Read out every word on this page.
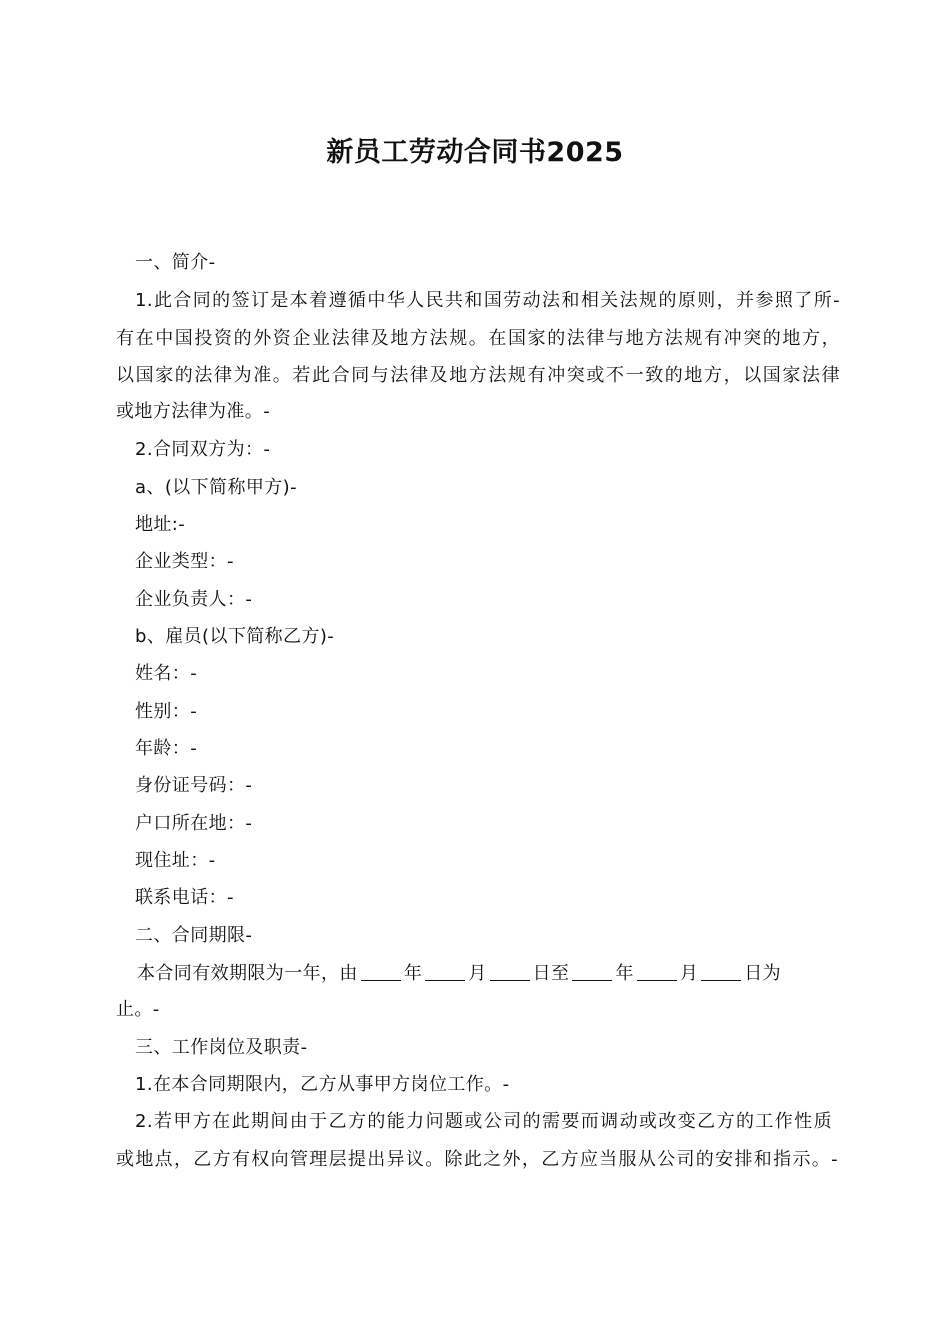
新员工劳动合同书2025
一、简介-
1.此合同的签订是本着遵循中华人民共和国劳动法和相关法规的原则，并参照了所-
有在中国投资的外资企业法律及地方法规。在国家的法律与地方法规有冲突的地方，
以国家的法律为准。若此合同与法律及地方法规有冲突或不一致的地方，以国家法律
或地方法律为准。-
2.合同双方为：-
a、(以下简称甲方)-
地址:-
企业类型：-
企业负责人：-
b、雇员(以下简称乙方)-
姓名：-
性别：-
年龄：-
身份证号码：-
户口所在地：-
现住址：-
联系电话：-
二、合同期限-
本合同有效期限为一年，由	年	月	日至	年	月	日为
止。-
三、工作岗位及职责-
1.在本合同期限内，乙方从事甲方岗位工作。-
2.若甲方在此期间由于乙方的能力问题或公司的需要而调动或改变乙方的工作性质
或地点，乙方有权向管理层提出异议。除此之外，乙方应当服从公司的安排和指示。-
